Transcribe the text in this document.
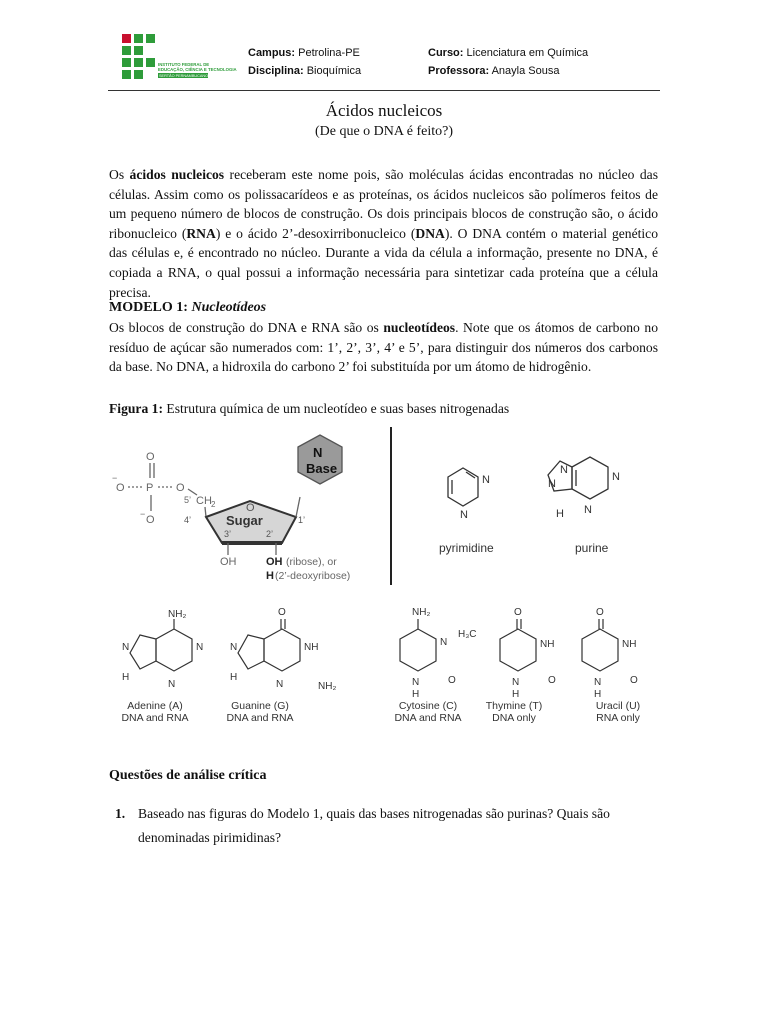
INSTITUTO FEDERAL DE
EDUCAÇÃO, CIÊNCIA E TECNOLOGIA
SERTÃO PERNAMBUCANO
Campus: Petrolina-PE
Disciplina: Bioquímica
Curso: Licenciatura em Química
Professora: Anayla Sousa
Ácidos nucleicos
(De que o DNA é feito?)
Os ácidos nucleicos receberam este nome pois, são moléculas ácidas encontradas no núcleo das células. Assim como os polissacarídeos e as proteínas, os ácidos nucleicos são polímeros feitos de um pequeno número de blocos de construção. Os dois principais blocos de construção são, o ácido ribonucleico (RNA) e o ácido 2’-desoxirribonucleico (DNA). O DNA contém o material genético das células e, é encontrado no núcleo. Durante a vida da célula a informação, presente no DNA, é copiada a RNA, o qual possui a informação necessária para sintetizar cada proteína que a célula precisa.
MODELO 1: Nucleotídeos
Os blocos de construção do DNA e RNA são os nucleotídeos. Note que os átomos de carbono no resíduo de açúcar são numerados com: 1’, 2’, 3’, 4’ e 5’, para distinguir dos números dos carbonos da base. No DNA, a hidroxila do carbono 2’ foi substituída por um átomo de hidrogênio.
Figura 1: Estrutura química de um nucleotídeo e suas bases nitrogenadas
O
P
O
−
O
O
−
5’ CH 2	O
Sugar
4’
3’	2’
1’
OH	OH (ribose), or
H (2’-deoxyribose)
N
Base
N
N
pyrimidine
N
N
H
N
N
purine
NH₂
N
H
N
N
O
N
H
NH
N	NH₂
NH₂
N
N
H
O
O
H₃C
NH
N
H
O
O
NH
N
H
O
Adenine (A)
DNA and RNA
Guanine (G)
DNA and RNA
Cytosine (C)
DNA and RNA
Thymine (T)
DNA only
Uracil (U)
RNA only
Questões de análise crítica
1. Baseado nas figuras do Modelo 1, quais das bases nitrogenadas são purinas? Quais são denominadas pirimidinas?
